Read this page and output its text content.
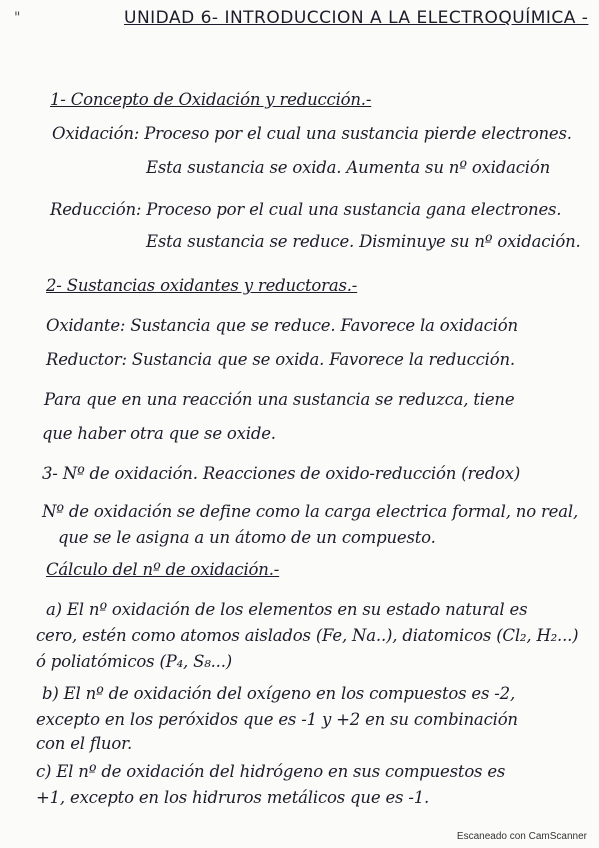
"	UNIDAD 6- INTRODUCCION A LA ELECTROQUÍMICA -
1- Concepto de Oxidación y reducción.-
Oxidación: Proceso por el cual una sustancia pierde electrones.
Esta sustancia se oxida. Aumenta su nº oxidación
Reducción: Proceso por el cual una sustancia gana electrones.
Esta sustancia se reduce. Disminuye su nº oxidación.
2- Sustancias oxidantes y reductoras.-
Oxidante: Sustancia que se reduce. Favorece la oxidación
Reductor: Sustancia que se oxida. Favorece la reducción.
Para que en una reacción una sustancia se reduzca, tiene
que haber otra que se oxide.
3- Nº de oxidación. Reacciones de oxido-reducción (redox)
Nº de oxidación se define como la carga electrica formal, no real,
que se le asigna a un átomo de un compuesto.
Cálculo del nº de oxidación.-
a) El nº oxidación de los elementos en su estado natural es
cero, estén como atomos aislados (Fe, Na..), diatomicos (Cl₂, H₂...)
ó poliatómicos (P₄, S₈...)
b) El nº de oxidación del oxígeno en los compuestos es -2,
excepto en los peróxidos que es -1 y +2 en su combinación
con el fluor.
c) El nº de oxidación del hidrógeno en sus compuestos es
+1, excepto en los hidruros metálicos que es -1.
Escaneado con CamScanner
